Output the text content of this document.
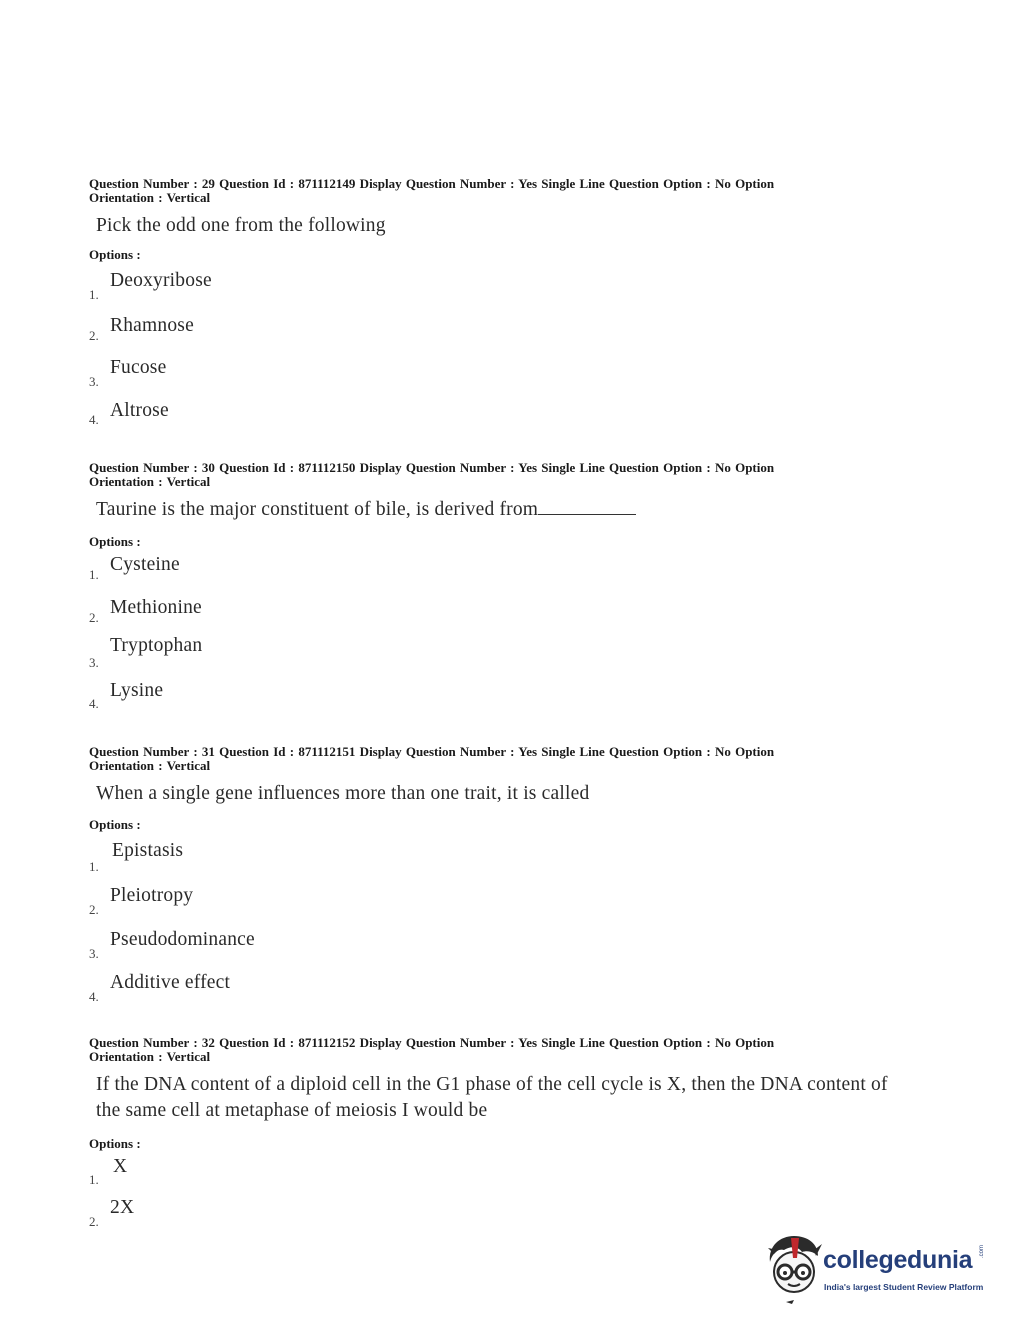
Question Number : 29 Question Id : 871112149 Display Question Number : Yes Single Line Question Option : No Option
Orientation : Vertical
Pick the odd one from the following
Options :
Deoxyribose
1.
Rhamnose
2.
Fucose
3.
Altrose
4.
Question Number : 30 Question Id : 871112150 Display Question Number : Yes Single Line Question Option : No Option
Orientation : Vertical
Taurine is the major constituent of bile, is derived from
Options :
Cysteine
1.
Methionine
2.
Tryptophan
3.
Lysine
4.
Question Number : 31 Question Id : 871112151 Display Question Number : Yes Single Line Question Option : No Option
Orientation : Vertical
When a single gene influences more than one trait, it is called
Options :
Epistasis
1.
Pleiotropy
2.
Pseudodominance
3.
Additive effect
4.
Question Number : 32 Question Id : 871112152 Display Question Number : Yes Single Line Question Option : No Option
Orientation : Vertical
If the DNA content of a diploid cell in the G1 phase of the cell cycle is X, then the DNA content of the same cell at metaphase of meiosis I would be
Options :
X
1.
2X
2.
collegedunia .com
India's largest Student Review Platform
